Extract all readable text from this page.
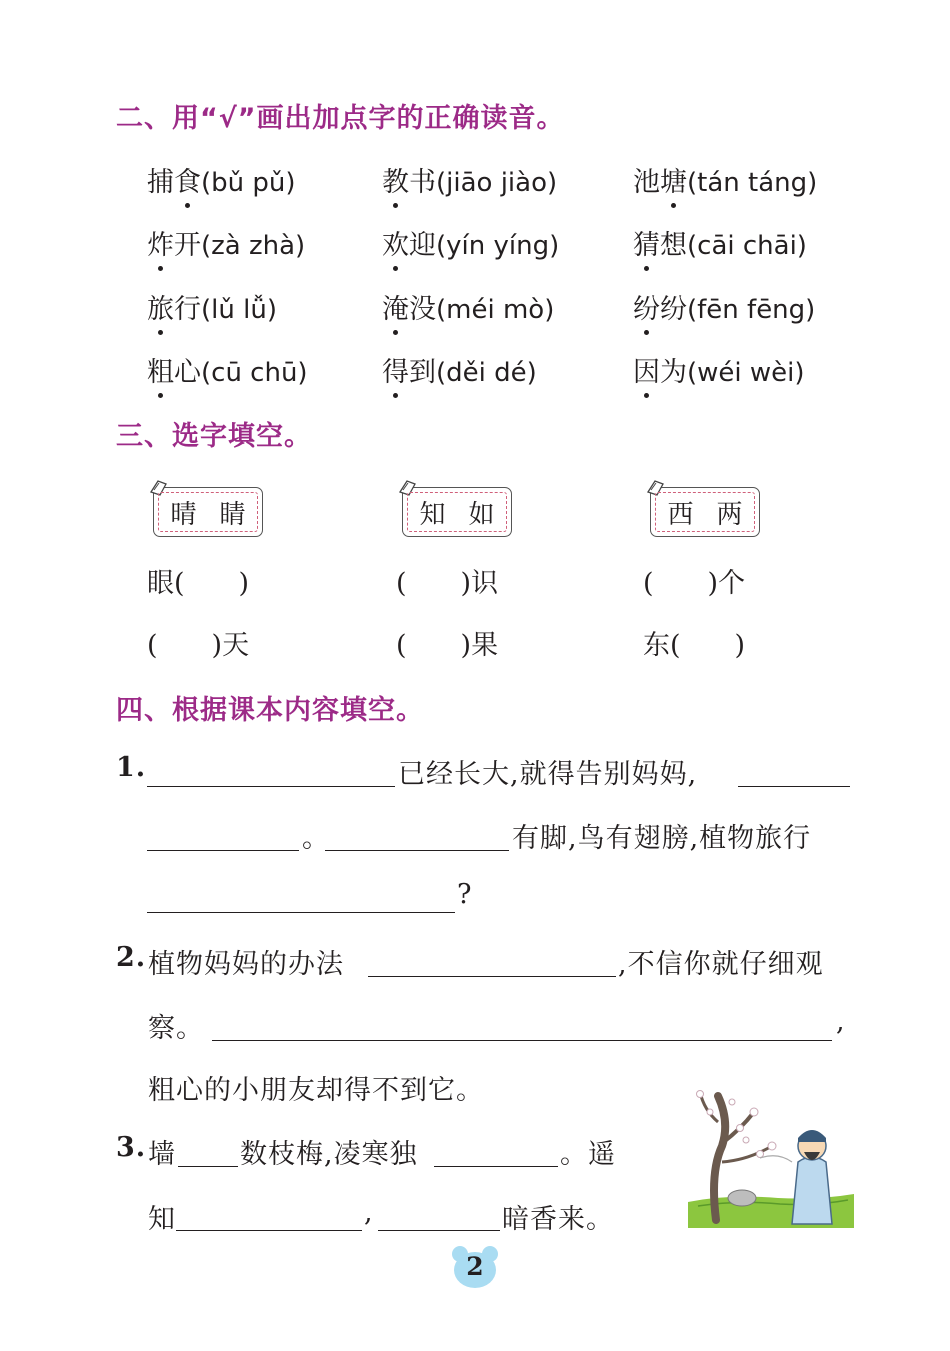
二、用“√”画出加点字的正确读音。
捕食(bǔ pǔ)	教书(jiāo jiào)	池塘(tán táng)
炸开(zà zhà)	欢迎(yín yíng)	猜想(cāi chāi)
旅行(lǔ lǚ)	淹没(méi mò)	纷纷(fēn fēng)
粗心(cū chū)	得到(děi dé)	因为(wéi wèi)
三、选字填空。
晴 睛	知 如	西 两
眼(　　)	(　　)识	(　　)个
(　　)天	(　　)果	东(　　)
四、根据课本内容填空。
1.	已经长大,就得告别妈妈,
。	有脚,鸟有翅膀,植物旅行
?
2. 植物妈妈的办法	,不信你就仔细观
察。	,
粗心的小朋友却得不到它。
3. 墙 数枝梅,凌寒独	。遥
知	,	暗香来。
2
